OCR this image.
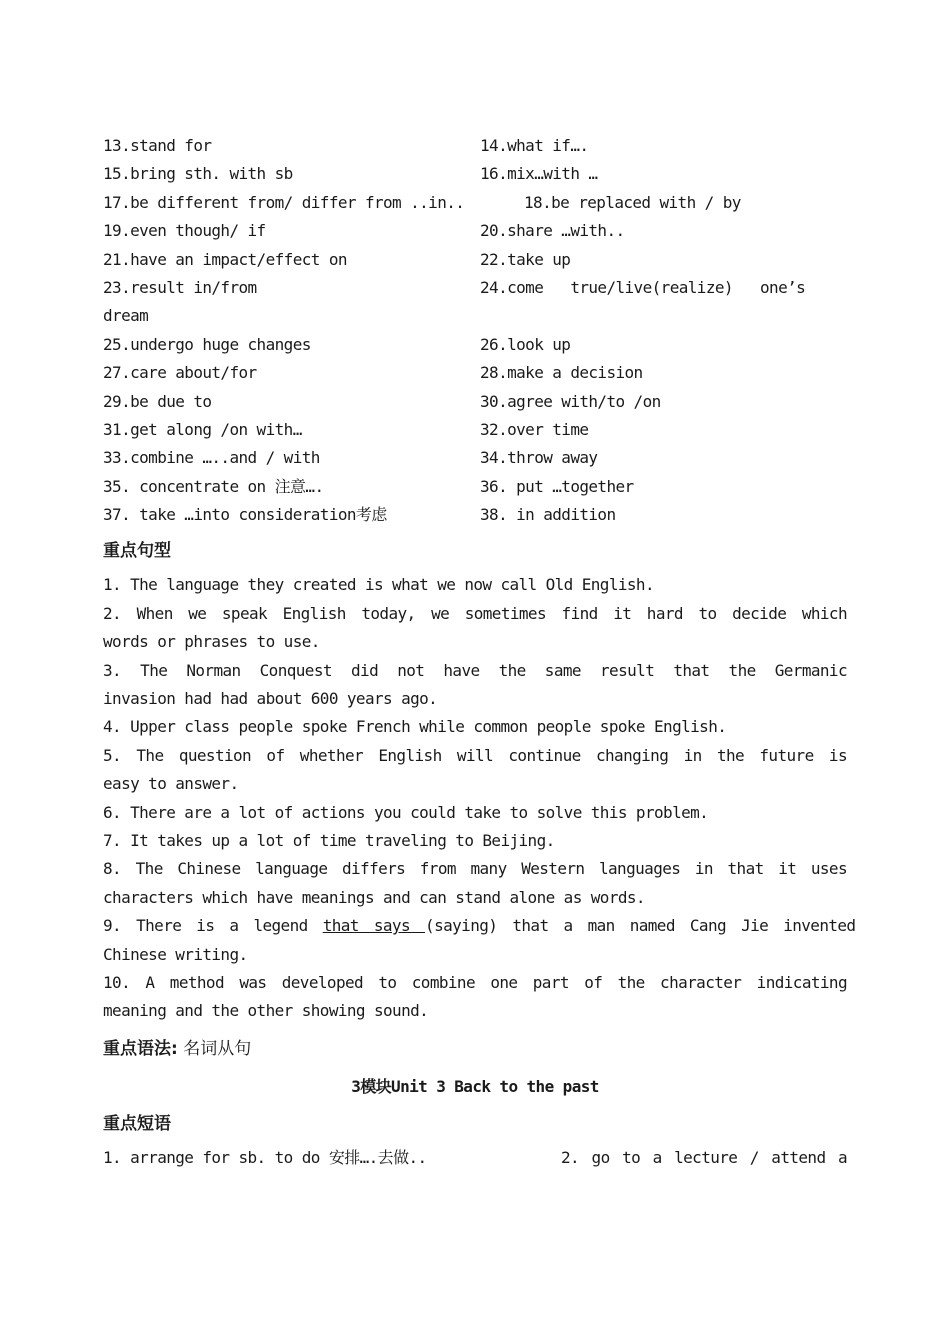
13.stand for	14.what if….
15.bring sth. with sb	16.mix…with …
17.be different from/ differ from ..in..	18.be replaced with / by
19.even though/ if	20.share …with..
21.have an impact/effect on	22.take up
23.result in/from	24.come   true/live(realize)   one’s
dream
25.undergo huge changes	26.look up
27.care about/for	28.make a decision
29.be due to	30.agree with/to /on
31.get along /on with…	32.over time
33.combine …..and / with	34.throw away
35. concentrate on 注意….	36. put …together
37. take …into consideration考虑	38. in addition
重点句型
1. The language they created is what we now call Old English.
2. When we speak English today, we sometimes find it hard to decide which
words or phrases to use.
3. The Norman Conquest did not have the same result that the Germanic
invasion had had about 600 years ago.
4. Upper class people spoke French while common people spoke English.
5. The question of whether English will continue changing in the future is
easy to answer.
6. There are a lot of actions you could take to solve this problem.
7. It takes up a lot of time traveling to Beijing.
8. The Chinese language differs from many Western languages in that it uses
characters which have meanings and can stand alone as words.
9. There is a legend that says (saying) that a man named Cang Jie invented
Chinese writing.
10. A method was developed to combine one part of the character indicating
meaning and the other showing sound.
重点语法: 名词从句
3模块Unit 3 Back to the past
重点短语
1. arrange for sb. to do 安排….去做..	2. go to a lecture / attend a
